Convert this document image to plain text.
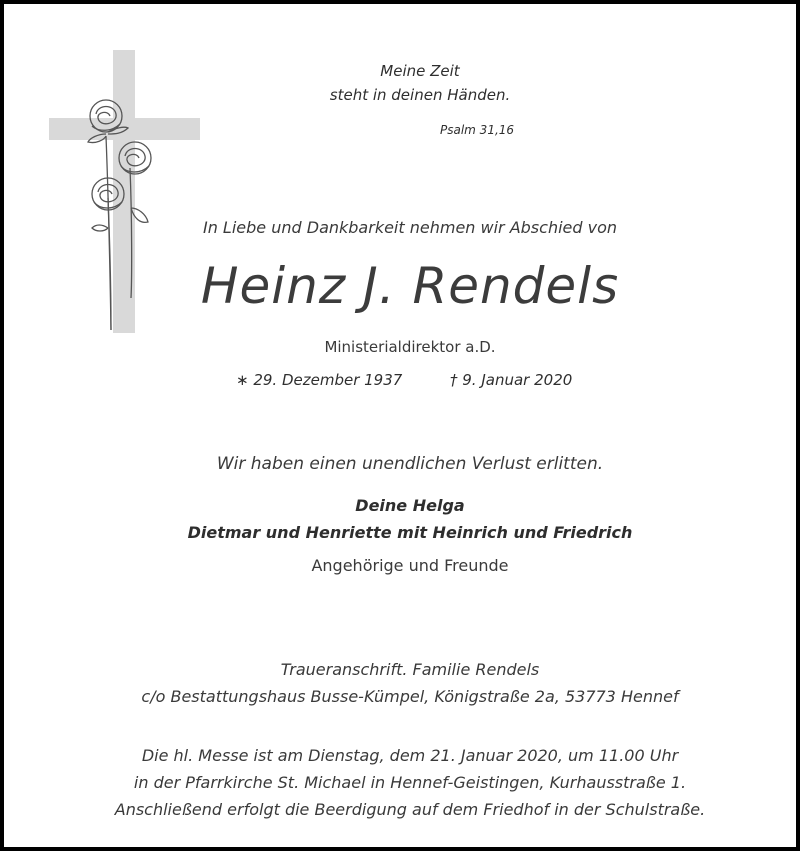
Meine Zeit
steht in deinen Händen.
Psalm 31,16
In Liebe und Dankbarkeit nehmen wir Abschied von
Heinz J. Rendels
Ministerialdirektor a.D.
∗ 29. Dezember 1937	† 9. Januar 2020
Wir haben einen unendlichen Verlust erlitten.
Deine Helga
Dietmar und Henriette mit Heinrich und Friedrich
Angehörige und Freunde
Traueranschrift. Familie Rendels
c/o Bestattungshaus Busse-Kümpel, Königstraße 2a, 53773 Hennef
Die hl. Messe ist am Dienstag, dem 21. Januar 2020, um 11.00 Uhr
in der Pfarrkirche St. Michael in Hennef-Geistingen, Kurhausstraße 1.
Anschließend erfolgt die Beerdigung auf dem Friedhof in der Schulstraße.
